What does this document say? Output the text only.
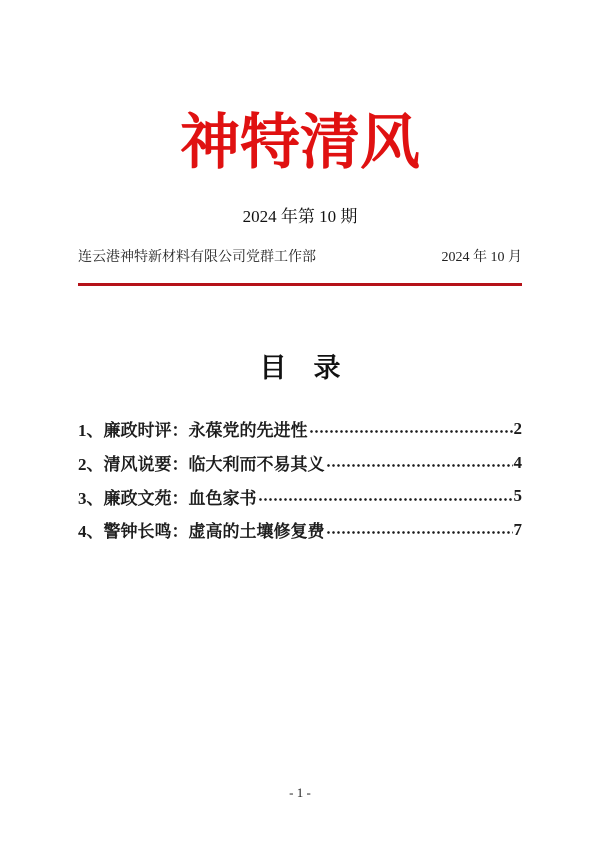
神特清风
2024 年第 10 期
连云港神特新材料有限公司党群工作部	2024 年 10 月
目　录
1、廉政时评：永葆党的先进性	2
2、清风说要：临大利而不易其义	4
3、廉政文苑：血色家书	5
4、警钟长鸣：虚高的土壤修复费	7
- 1 -
